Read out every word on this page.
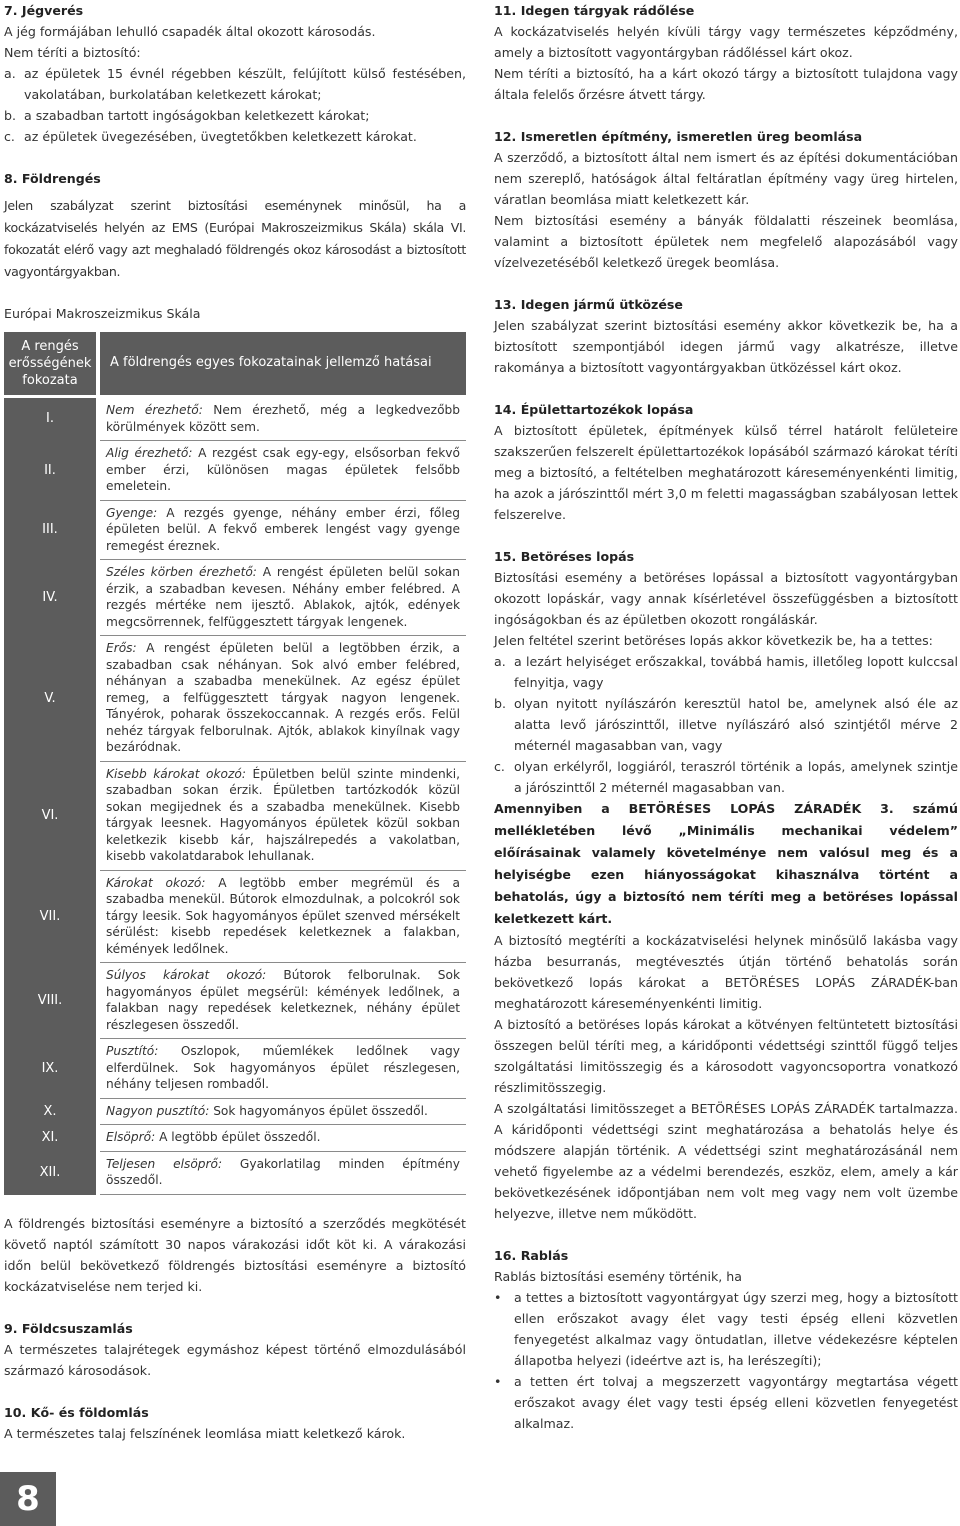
7. Jégverés

A jég formájában lehulló csapadék által okozott károsodás.

Nem téríti a biztosító:

a. az épületek 15 évnél régebben készült, felújított külső festésében, vakolatában, burkolatában keletkezett károkat;
b. a szabadban tartott ingóságokban keletkezett károkat;
c. az épületek üvegezésében, üvegtetőkben keletkezett károkat.
8. Földrengés

Jelen szabályzat szerint biztosítási eseménynek minősül, ha a kockázatviselés helyén az EMS (Európai Makroszeizmikus Skála) skála VI. fokozatát elérő vagy azt meghaladó földrengés okoz károsodást a biztosított vagyontárgyakban.

Európai Makroszeizmikus Skála

A rengés erősségének fokozata
A földrengés egyes fokozatainak jellemző hatásai
I.
Nem érezhető: Nem érezhető, még a legkedvezőbb körülmények között sem.
II.
Alig érezhető: A rezgést csak egy-egy, elsősorban fekvő ember érzi, különösen magas épületek felsőbb emeletein.
III.
Gyenge: A rezgés gyenge, néhány ember érzi, főleg épületen belül. A fekvő emberek lengést vagy gyenge remegést éreznek.
IV.
Széles körben érezhető: A rengést épületen belül sokan érzik, a szabadban kevesen. Néhány ember felébred. A rezgés mértéke nem ijesztő. Ablakok, ajtók, edények megcsörrennek, felfüggesztett tárgyak lengenek.
V.
Erős: A rengést épületen belül a legtöbben érzik, a szabadban csak néhányan. Sok alvó ember felébred, néhányan a szabadba menekülnek. Az egész épület remeg, a felfüggesztett tárgyak nagyon lengenek. Tányérok, poharak összekoccannak. A rezgés erős. Felül nehéz tárgyak felborulnak. Ajtók, ablakok kinyílnak vagy bezáródnak.
VI.
Kisebb károkat okozó: Épületben belül szinte mindenki, szabadban sokan érzik. Épületben tartózkodók közül sokan megijednek és a szabadba menekülnek. Kisebb tárgyak leesnek. Hagyományos épületek közül sokban keletkezik kisebb kár, hajszálrepedés a vakolatban, kisebb vakolatdarabok lehullanak.
VII.
Károkat okozó: A legtöbb ember megrémül és a szabadba menekül. Bútorok elmozdulnak, a polcokról sok tárgy leesik. Sok hagyományos épület szenved mérsékelt sérülést: kisebb repedések keletkeznek a falakban, kémények ledőlnek.
VIII.
Súlyos károkat okozó: Bútorok felborulnak. Sok hagyományos épület megsérül: kémények ledőlnek, a falakban nagy repedések keletkeznek, néhány épület részlegesen összedől.
IX.
Pusztító: Oszlopok, műemlékek ledőlnek vagy elferdülnek. Sok hagyományos épület részlegesen, néhány teljesen rombadől.
X.	Nagyon pusztító: Sok hagyományos épület összedől.
XI.	Elsöprő: A legtöbb épület összedől.
XII.
Teljesen elsöprő: Gyakorlatilag minden építmény összedől.

A földrengés biztosítási eseményre a biztosító a szerződés megkötését követő naptól számított 30 napos várakozási időt köt ki. A várakozási időn belül bekövetkező földrengés biztosítási eseményre a biztosító kockázatviselése nem terjed ki.

9. Földcsuszamlás

A természetes talajrétegek egymáshoz képest történő elmozdulásából származó károsodások.

10. Kő- és földomlás

A természetes talaj felszínének leomlása miatt keletkező károk.

11. Idegen tárgyak rádőlése

A kockázatviselés helyén kívüli tárgy vagy természetes képződmény, amely a biztosított vagyontárgyban rádőléssel kárt okoz.

Nem téríti a biztosító, ha a kárt okozó tárgy a biztosított tulajdona vagy általa felelős őrzésre átvett tárgy.

12. Ismeretlen építmény, ismeretlen üreg beomlása

A szerződő, a biztosított által nem ismert és az építési dokumentációban nem szereplő, hatóságok által feltáratlan építmény vagy üreg hirtelen, váratlan beomlása miatt keletkezett kár.

Nem biztosítási esemény a bányák földalatti részeinek beomlása, valamint a biztosított épületek nem megfelelő alapozásából vagy vízelvezetéséből keletkező üregek beomlása.

13. Idegen jármű ütközése

Jelen szabályzat szerint biztosítási esemény akkor következik be, ha a biztosított szempontjából idegen jármű vagy alkatrésze, illetve rakománya a biztosított vagyontárgyakban ütközéssel kárt okoz.

14. Épülettartozékok lopása

A biztosított épületek, építmények külső térrel határolt felületeire szakszerűen felszerelt épülettartozékok lopásából származó károkat téríti meg a biztosító, a feltételben meghatározott káreseményenkénti limitig, ha azok a járószinttől mért 3,0 m feletti magasságban szabályosan lettek felszerelve.

15. Betöréses lopás

Biztosítási esemény a betöréses lopással a biztosított vagyontárgyban okozott lopáskár, vagy annak kísérletével összefüggésben a biztosított ingóságokban és az épületben okozott rongáláskár.

Jelen feltétel szerint betöréses lopás akkor következik be, ha a tettes:

a. a lezárt helyiséget erőszakkal, továbbá hamis, illetőleg lopott kulccsal felnyitja, vagy
b. olyan nyitott nyílászárón keresztül hatol be, amelynek alsó éle az alatta levő járószinttől, illetve nyílászáró alsó szintjétől mérve 2 méternél magasabban van, vagy
c. olyan erkélyről, loggiáról, teraszról történik a lopás, amelynek szintje a járószinttől 2 méternél magasabban van.

Amennyiben a BETÖRÉSES LOPÁS ZÁRADÉK 3. számú mellékletében lévő „Minimális mechanikai védelem” előírásainak valamely követelménye nem valósul meg és a helyiségbe ezen hiányosságokat kihasználva történt a behatolás, úgy a biztosító nem téríti meg a betöréses lopással keletkezett kárt.

A biztosító megtéríti a kockázatviselési helynek minősülő lakásba vagy házba besurranás, megtévesztés útján történő behatolás során bekövetkező lopás károkat a BETÖRÉSES LOPÁS ZÁRADÉK-ban meghatározott káreseményenkénti limitig.

A biztosító a betöréses lopás károkat a kötvényen feltüntetett biztosítási összegen belül téríti meg, a káridőponti védettségi szinttől függő teljes szolgáltatási limitösszegig és a károsodott vagyoncsoportra vonatkozó részlimitösszegig.

A szolgáltatási limitösszeget a BETÖRÉSES LOPÁS ZÁRADÉK tartalmazza. A káridőponti védettségi szint meghatározása a behatolás helye és módszere alapján történik. A védettségi szint meghatározásánál nem vehető figyelembe az a védelmi berendezés, eszköz, elem, amely a kár bekövetkezésének időpontjában nem volt meg vagy nem volt üzembe helyezve, illetve nem működött.

16. Rablás

Rablás biztosítási esemény történik, ha

• a tettes a biztosított vagyontárgyat úgy szerzi meg, hogy a biztosított ellen erőszakot avagy élet vagy testi épség elleni közvetlen fenyegetést alkalmaz vagy öntudatlan, illetve védekezésre képtelen állapotba helyezi (ideértve azt is, ha lerészegíti);
• a tetten ért tolvaj a megszerzett vagyontárgy megtartása végett erőszakot avagy élet vagy testi épség elleni közvetlen fenyegetést alkalmaz.
8
